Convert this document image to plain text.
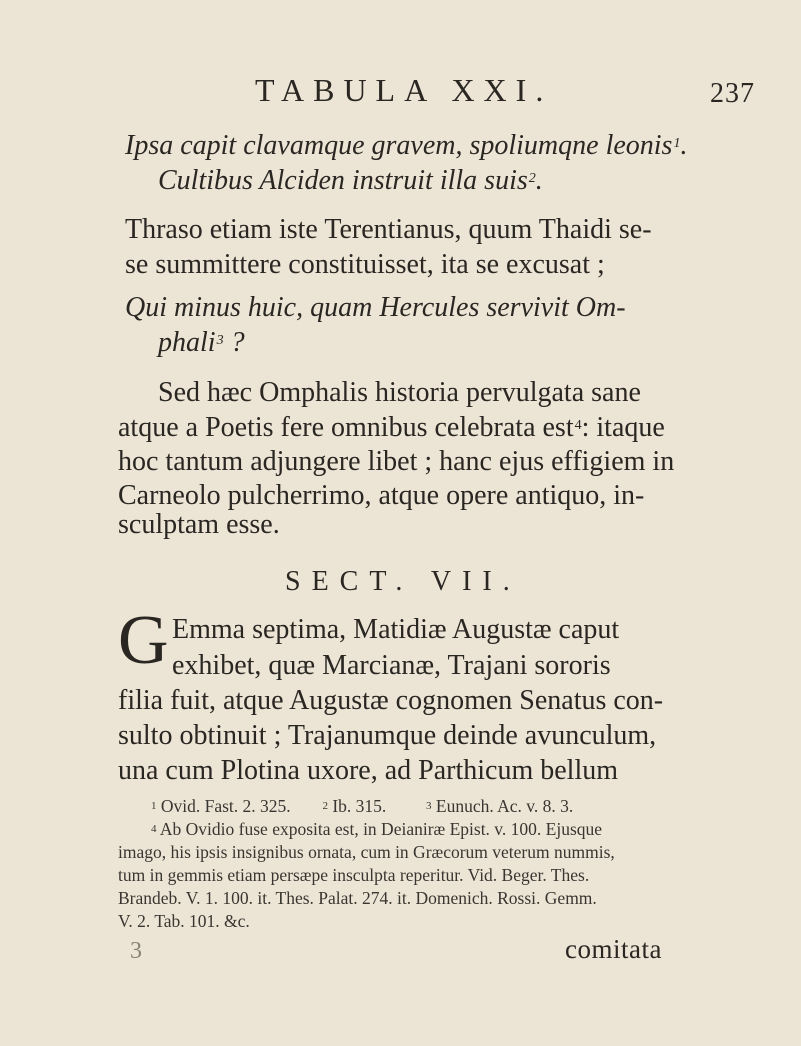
TABULA XXI.	237
Ipsa capit clavamque gravem, spoliumqne leonis$^1$.
Cultibus Alciden instruit illa suis$^2$.
Thraso etiam iste Terentianus, quum Thaidi se-
se summittere constituisset, ita se excusat ;
Qui minus huic, quam Hercules servivit Om-
phali$^3$ ?
Sed hæc Omphalis historia pervulgata sane
atque a Poetis fere omnibus celebrata est$^4$: itaque
hoc tantum adjungere libet ; hanc ejus effigiem in
Carneolo pulcherrimo, atque opere antiquo, in-
sculptam esse.
SECT. VII.
G Emma septima, Matidiæ Augustæ caput
exhibet, quæ Marcianæ, Trajani sororis
filia fuit, atque Augustæ cognomen Senatus con-
sulto obtinuit ; Trajanumque deinde avunculum,
una cum Plotina uxore, ad Parthicum bellum
$^1$ Ovid. Fast. 2. 325.	$^2$ Ib. 315.	$^3$ Eunuch. Ac. v. 8. 3.
$^4$ Ab Ovidio fuse exposita est, in Deianiræ Epist. v. 100. Ejusque
imago, his ipsis insignibus ornata, cum in Græcorum veterum nummis,
tum in gemmis etiam persæpe insculpta reperitur. Vid. Beger. Thes.
Brandeb. V. 1. 100. it. Thes. Palat. 274. it. Domenich. Rossi. Gemm.
V. 2. Tab. 101. &c.
3	comitata
